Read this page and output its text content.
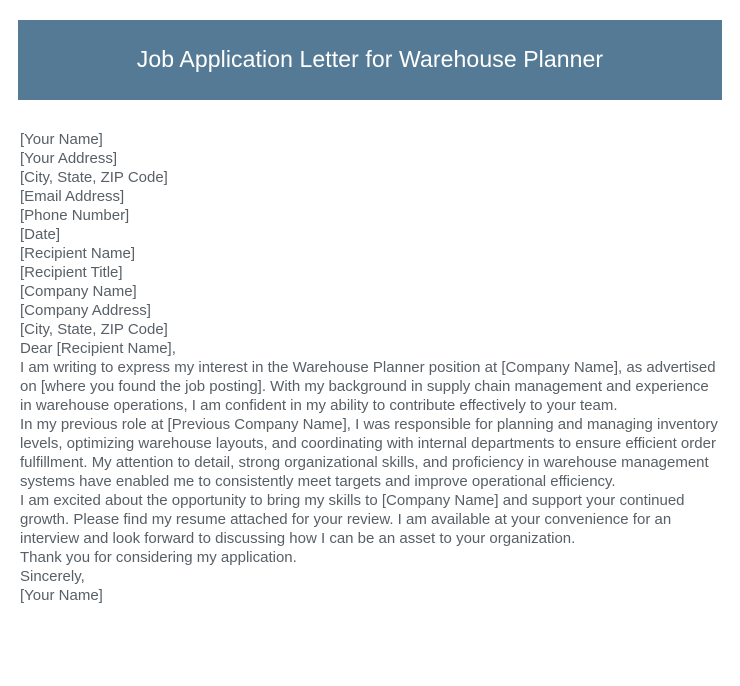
Job Application Letter for Warehouse Planner
[Your Name]
[Your Address]
[City, State, ZIP Code]
[Email Address]
[Phone Number]
[Date]
[Recipient Name]
[Recipient Title]
[Company Name]
[Company Address]
[City, State, ZIP Code]
Dear [Recipient Name],

I am writing to express my interest in the Warehouse Planner position at [Company Name], as advertised on [where you found the job posting]. With my background in supply chain management and experience in warehouse operations, I am confident in my ability to contribute effectively to your team.

In my previous role at [Previous Company Name], I was responsible for planning and managing inventory levels, optimizing warehouse layouts, and coordinating with internal departments to ensure efficient order fulfillment. My attention to detail, strong organizational skills, and proficiency in warehouse management systems have enabled me to consistently meet targets and improve operational efficiency.

I am excited about the opportunity to bring my skills to [Company Name] and support your continued growth. Please find my resume attached for your review. I am available at your convenience for an interview and look forward to discussing how I can be an asset to your organization.

Thank you for considering my application.
Sincerely,
[Your Name]
